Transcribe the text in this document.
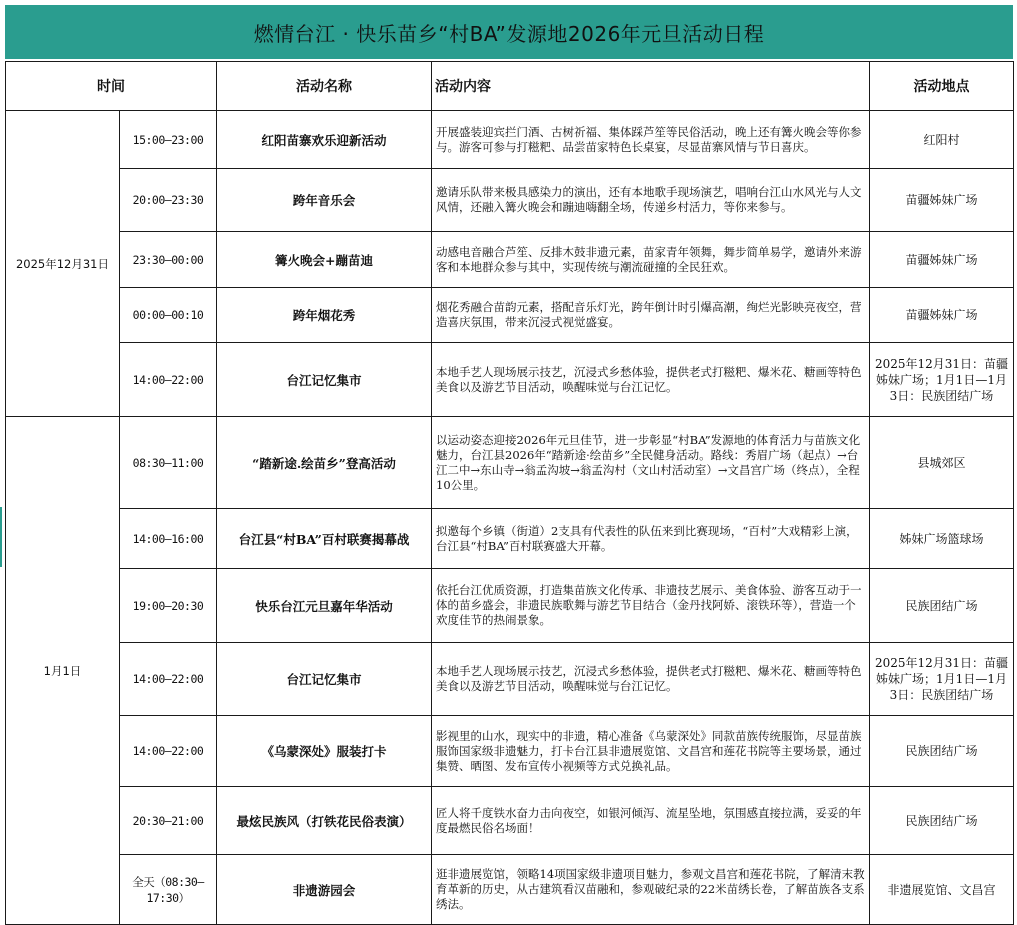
燃情台江 · 快乐苗乡“村BA”发源地2026年元旦活动日程
时间		活动名称	活动内容	活动地点
2025年12月31日	15:00—23:00	红阳苗寨欢乐迎新活动	开展盛装迎宾拦门酒、古树祈福、集体踩芦笙等民俗活动，晚上还有篝火晚会等你参与。游客可参与打糍粑、品尝苗家特色长桌宴，尽显苗寨风情与节日喜庆。	红阳村
	20:00—23:30	跨年音乐会	邀请乐队带来极具感染力的演出，还有本地歌手现场演艺，唱响台江山水风光与人文风情，还融入篝火晚会和蹦迪嗨翻全场，传递乡村活力，等你来参与。	苗疆姊妹广场
	23:30—00:00	篝火晚会+蹦苗迪	动感电音融合芦笙、反排木鼓非遗元素，苗家青年领舞，舞步简单易学，邀请外来游客和本地群众参与其中，实现传统与潮流碰撞的全民狂欢。	苗疆姊妹广场
	00:00—00:10	跨年烟花秀	烟花秀融合苗韵元素，搭配音乐灯光，跨年倒计时引爆高潮，绚烂光影映亮夜空，营造喜庆氛围，带来沉浸式视觉盛宴。	苗疆姊妹广场
	14:00—22:00	台江记忆集市	本地手艺人现场展示技艺，沉浸式乡愁体验，提供老式打糍粑、爆米花、糖画等特色美食以及游艺节目活动，唤醒味觉与台江记忆。	2025年12月31日：苗疆姊妹广场；1月1日—1月3日：民族团结广场
1月1日	08:30—11:00	“踏新途.绘苗乡”登高活动	以运动姿态迎接2026年元旦佳节，进一步彰显“村BA”发源地的体育活力与苗族文化魅力，台江县2026年“踏新途·绘苗乡”全民健身活动。路线：秀眉广场（起点）→台江二中→东山寺→翁孟沟坡→翁孟沟村（文山村活动室）→文昌宫广场（终点），全程10公里。	县城郊区
	14:00—16:00	台江县“村BA”百村联赛揭幕战	拟邀每个乡镇（街道）2支具有代表性的队伍来到比赛现场，“百村”大戏精彩上演，台江县“村BA”百村联赛盛大开幕。	姊妹广场篮球场
	19:00—20:30	快乐台江元旦嘉年华活动	依托台江优质资源，打造集苗族文化传承、非遗技艺展示、美食体验、游客互动于一体的苗乡盛会，非遗民族歌舞与游艺节目结合（金丹找阿娇、滚铁环等），营造一个欢度佳节的热闹景象。	民族团结广场
	14:00—22:00	台江记忆集市	本地手艺人现场展示技艺，沉浸式乡愁体验，提供老式打糍粑、爆米花、糖画等特色美食以及游艺节目活动，唤醒味觉与台江记忆。	2025年12月31日：苗疆姊妹广场；1月1日—1月3日：民族团结广场
	14:00—22:00	《乌蒙深处》服装打卡	影视里的山水，现实中的非遗，精心准备《乌蒙深处》同款苗族传统服饰，尽显苗族服饰国家级非遗魅力，打卡台江县非遗展览馆、文昌宫和莲花书院等主要场景，通过集赞、晒图、发布宣传小视频等方式兑换礼品。	民族团结广场
	20:30—21:00	最炫民族风（打铁花民俗表演）	匠人将千度铁水奋力击向夜空，如银河倾泻、流星坠地，氛围感直接拉满，妥妥的年度最燃民俗名场面！	民族团结广场
	全天（08:30—17:30）	非遗游园会	逛非遗展览馆，领略14项国家级非遗项目魅力，参观文昌宫和莲花书院，了解清末教育革新的历史，从古建筑看汉苗融和，参观破纪录的22米苗绣长卷，了解苗族各支系绣法。	非遗展览馆、文昌宫
